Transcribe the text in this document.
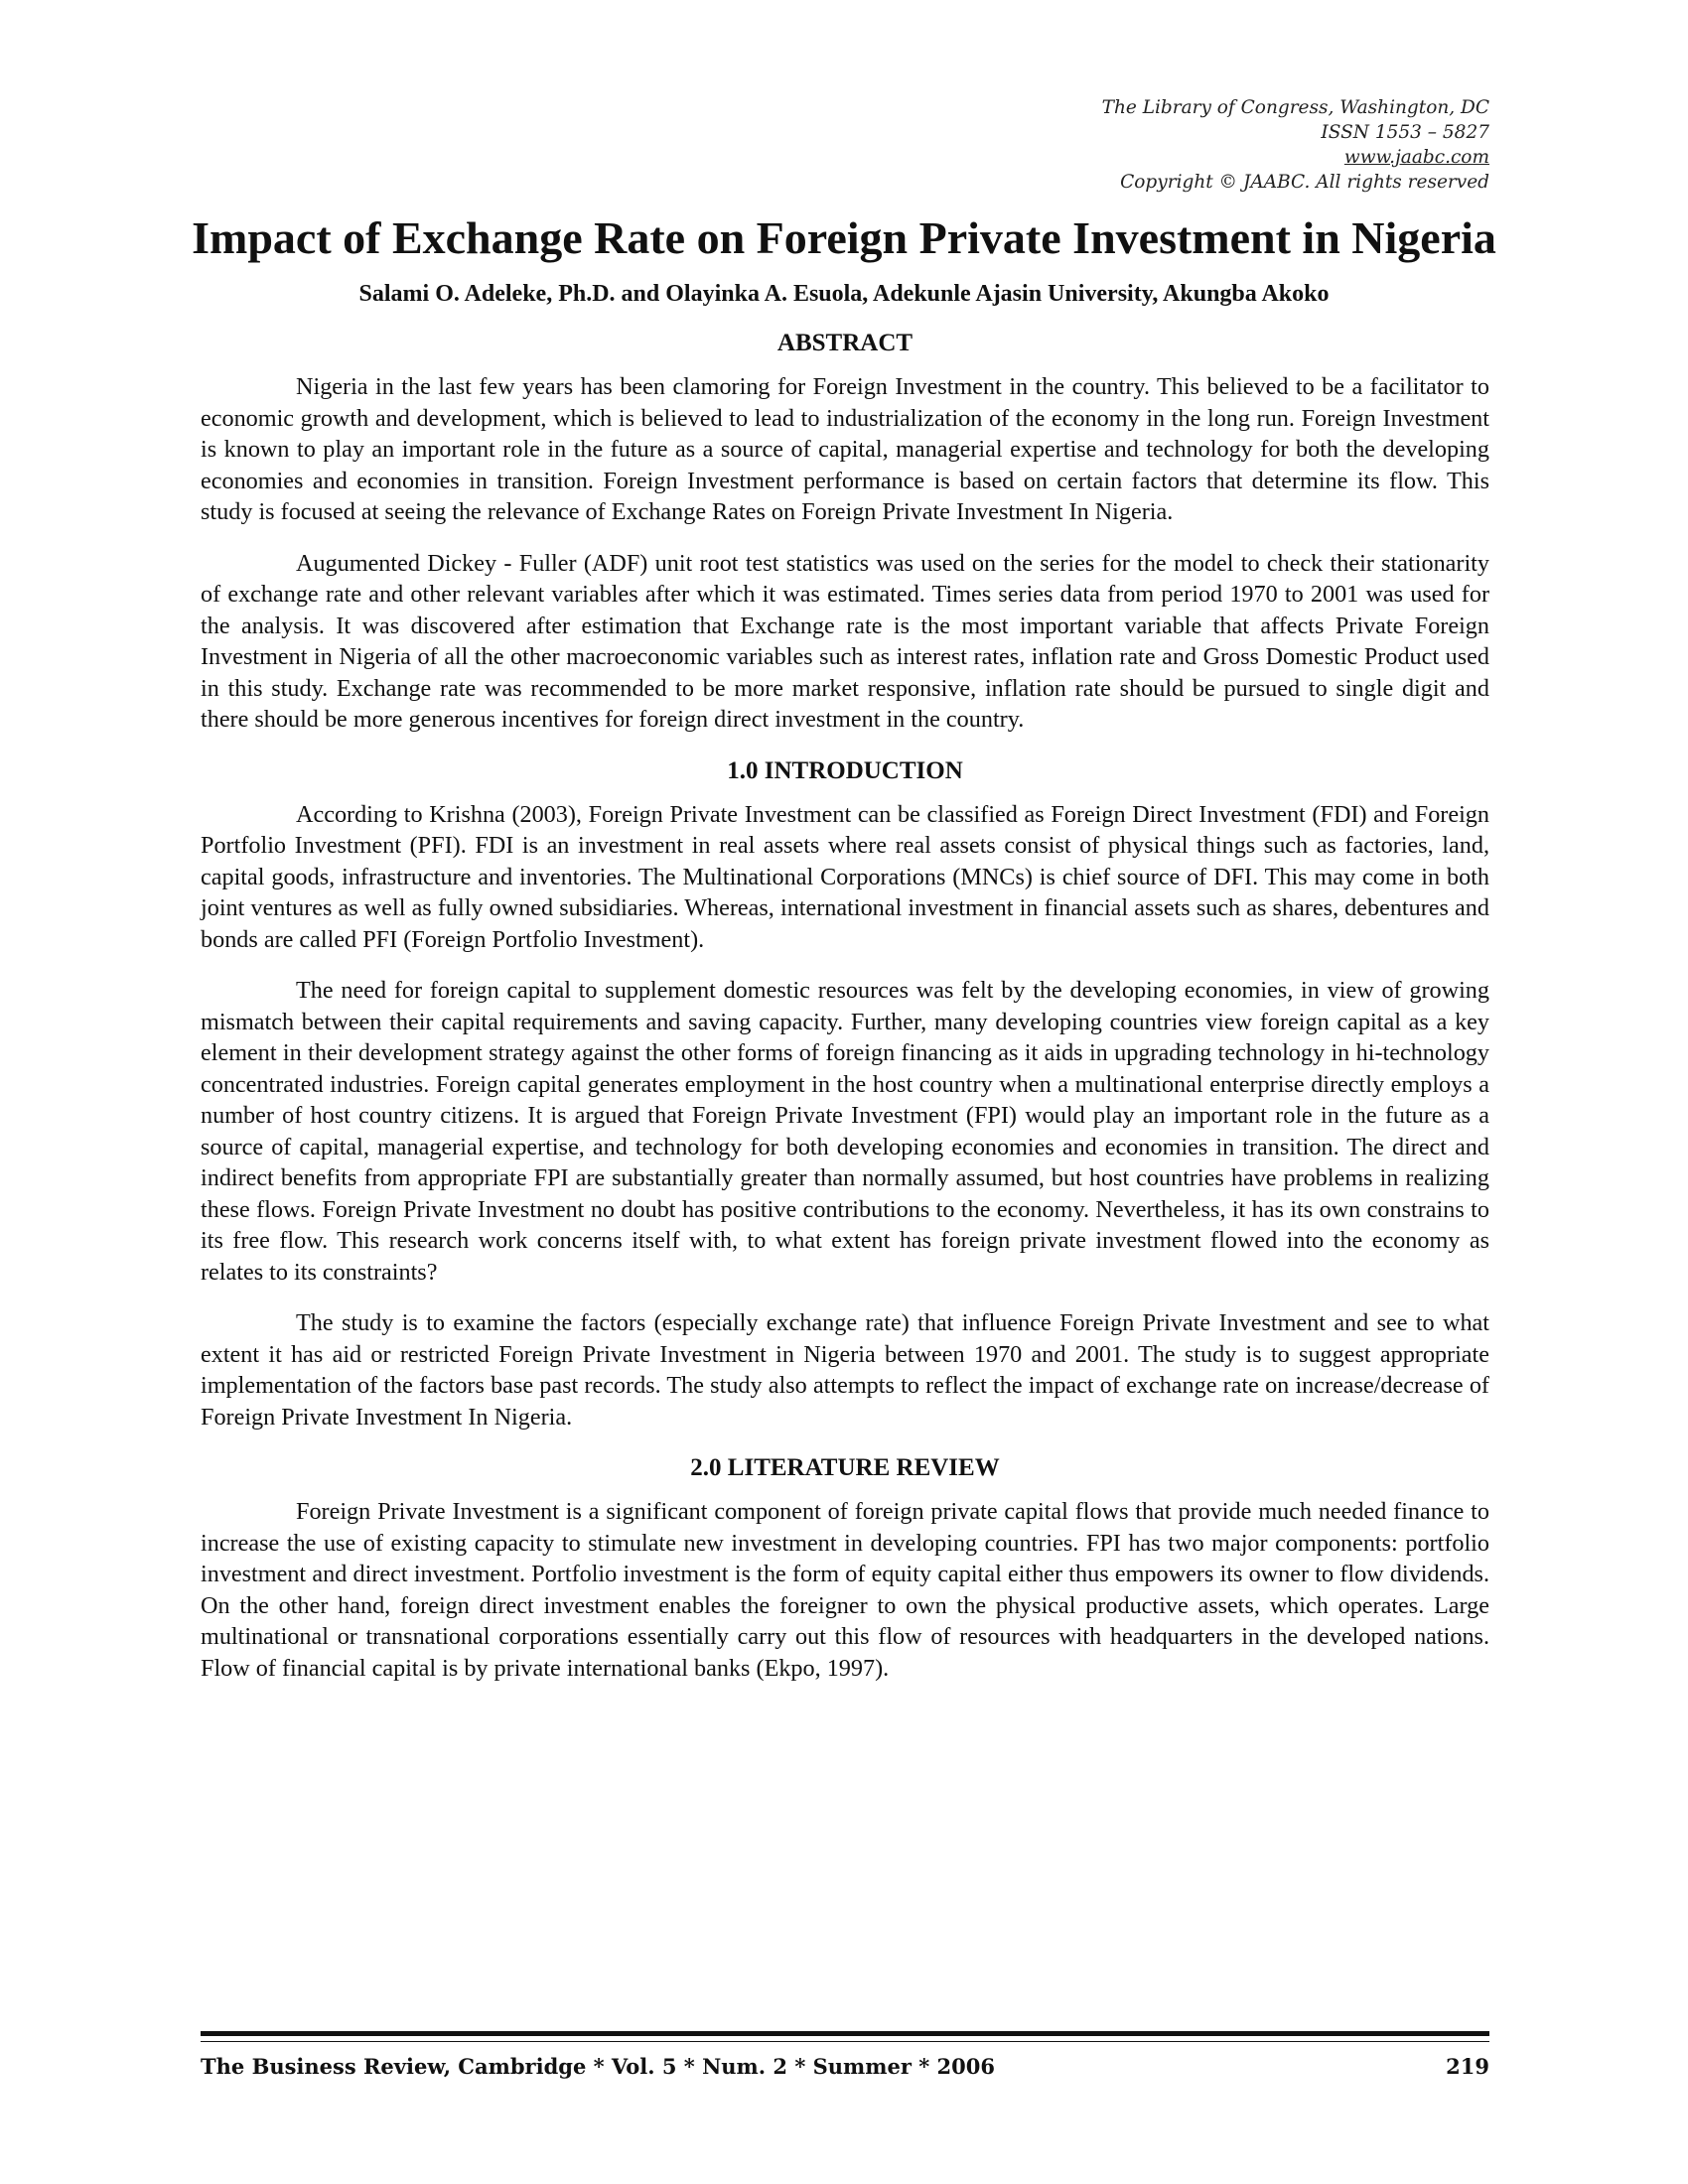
The Library of Congress, Washington, DC
ISSN 1553 – 5827
www.jaabc.com
Copyright © JAABC. All rights reserved
Impact of Exchange Rate on Foreign Private Investment in Nigeria

Salami O. Adeleke, Ph.D. and Olayinka A. Esuola, Adekunle Ajasin University, Akungba Akoko

ABSTRACT

Nigeria in the last few years has been clamoring for Foreign Investment in the country. This believed to be a facilitator to economic growth and development, which is believed to lead to industrialization of the economy in the long run. Foreign Investment is known to play an important role in the future as a source of capital, managerial expertise and technology for both the developing economies and economies in transition. Foreign Investment performance is based on certain factors that determine its flow. This study is focused at seeing the relevance of Exchange Rates on Foreign Private Investment In Nigeria.

Augumented Dickey - Fuller (ADF) unit root test statistics was used on the series for the model to check their stationarity of exchange rate and other relevant variables after which it was estimated. Times series data from period 1970 to 2001 was used for the analysis. It was discovered after estimation that Exchange rate is the most important variable that affects Private Foreign Investment in Nigeria of all the other macroeconomic variables such as interest rates, inflation rate and Gross Domestic Product used in this study. Exchange rate was recommended to be more market responsive, inflation rate should be pursued to single digit and there should be more generous incentives for foreign direct investment in the country.

1.0 INTRODUCTION

According to Krishna (2003), Foreign Private Investment can be classified as Foreign Direct Investment (FDI) and Foreign Portfolio Investment (PFI). FDI is an investment in real assets where real assets consist of physical things such as factories, land, capital goods, infrastructure and inventories. The Multinational Corporations (MNCs) is chief source of DFI. This may come in both joint ventures as well as fully owned subsidiaries. Whereas, international investment in financial assets such as shares, debentures and bonds are called PFI (Foreign Portfolio Investment).

The need for foreign capital to supplement domestic resources was felt by the developing economies, in view of growing mismatch between their capital requirements and saving capacity. Further, many developing countries view foreign capital as a key element in their development strategy against the other forms of foreign financing as it aids in upgrading technology in hi-technology concentrated industries. Foreign capital generates employment in the host country when a multinational enterprise directly employs a number of host country citizens. It is argued that Foreign Private Investment (FPI) would play an important role in the future as a source of capital, managerial expertise, and technology for both developing economies and economies in transition. The direct and indirect benefits from appropriate FPI are substantially greater than normally assumed, but host countries have problems in realizing these flows. Foreign Private Investment no doubt has positive contributions to the economy. Nevertheless, it has its own constrains to its free flow. This research work concerns itself with, to what extent has foreign private investment flowed into the economy as relates to its constraints?

The study is to examine the factors (especially exchange rate) that influence Foreign Private Investment and see to what extent it has aid or restricted Foreign Private Investment in Nigeria between 1970 and 2001. The study is to suggest appropriate implementation of the factors base past records. The study also attempts to reflect the impact of exchange rate on increase/decrease of Foreign Private Investment In Nigeria.

2.0 LITERATURE REVIEW

Foreign Private Investment is a significant component of foreign private capital flows that provide much needed finance to increase the use of existing capacity to stimulate new investment in developing countries. FPI has two major components: portfolio investment and direct investment. Portfolio investment is the form of equity capital either thus empowers its owner to flow dividends. On the other hand, foreign direct investment enables the foreigner to own the physical productive assets, which operates. Large multinational or transnational corporations essentially carry out this flow of resources with headquarters in the developed nations. Flow of financial capital is by private international banks (Ekpo, 1997).

The Business Review, Cambridge * Vol. 5 * Num. 2 * Summer * 2006	219
